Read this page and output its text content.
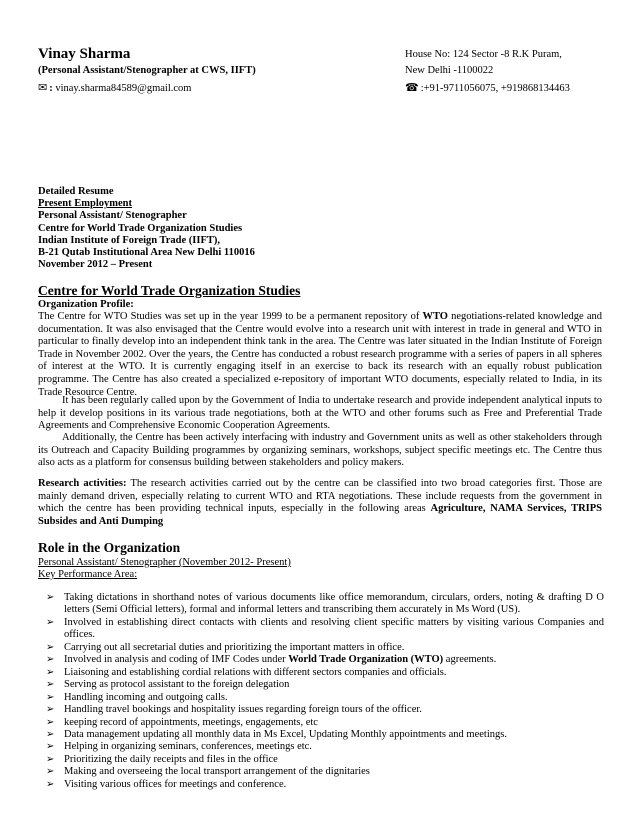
Vinay Sharma
(Personal Assistant/Stenographer at CWS, IIFT)
✉ : vinay.sharma84589@gmail.com
House No: 124 Sector -8 R.K Puram,
New Delhi -1100022
☎ :+91-9711056075, +919868134463
Detailed Resume
Present Employment
Personal Assistant/ Stenographer
Centre for World Trade Organization Studies
Indian Institute of Foreign Trade (IIFT),
B-21 Qutab Institutional Area New Delhi 110016
November 2012 – Present
Centre for World Trade Organization Studies
Organization Profile:

The Centre for WTO Studies was set up in the year 1999 to be a permanent repository of WTO negotiations-related knowledge and documentation. It was also envisaged that the Centre would evolve into a research unit with interest in trade in general and WTO in particular to finally develop into an independent think tank in the area. The Centre was later situated in the Indian Institute of Foreign Trade in November 2002. Over the years, the Centre has conducted a robust research programme with a series of papers in all spheres of interest at the WTO. It is currently engaging itself in an exercise to back its research with an equally robust publication programme. The Centre has also created a specialized e-repository of important WTO documents, especially related to India, in its Trade Resource Centre.

It has been regularly called upon by the Government of India to undertake research and provide independent analytical inputs to help it develop positions in its various trade negotiations, both at the WTO and other forums such as Free and Preferential Trade Agreements and Comprehensive Economic Cooperation Agreements.

Additionally, the Centre has been actively interfacing with industry and Government units as well as other stakeholders through its Outreach and Capacity Building programmes by organizing seminars, workshops, subject specific meetings etc. The Centre thus also acts as a platform for consensus building between stakeholders and policy makers.

Research activities: The research activities carried out by the centre can be classified into two broad categories first. Those are mainly demand driven, especially relating to current WTO and RTA negotiations. These include requests from the government in which the centre has been providing technical inputs, especially in the following areas Agriculture, NAMA Services, TRIPS Subsides and Anti Dumping

Role in the Organization
Personal Assistant/ Stenographer (November 2012- Present)
Key Performance Area:
➢ Taking dictations in shorthand notes of various documents like office memorandum, circulars, orders, noting & drafting D O letters (Semi Official letters), formal and informal letters and transcribing them accurately in Ms Word (US).
➢ Involved in establishing direct contacts with clients and resolving client specific matters by visiting various Companies and offices.
➢ Carrying out all secretarial duties and prioritizing the important matters in office.
➢ Involved in analysis and coding of IMF Codes under World Trade Organization (WTO) agreements.
➢ Liaisoning and establishing cordial relations with different sectors companies and officials.
➢ Serving as protocol assistant to the foreign delegation
➢ Handling incoming and outgoing calls.
➢ Handling travel bookings and hospitality issues regarding foreign tours of the officer.
➢ keeping record of appointments, meetings, engagements, etc
➢ Data management updating all monthly data in Ms Excel, Updating Monthly appointments and meetings.
➢ Helping in organizing seminars, conferences, meetings etc.
➢ Prioritizing the daily receipts and files in the office
➢ Making and overseeing the local transport arrangement of the dignitaries
➢ Visiting various offices for meetings and conference.
